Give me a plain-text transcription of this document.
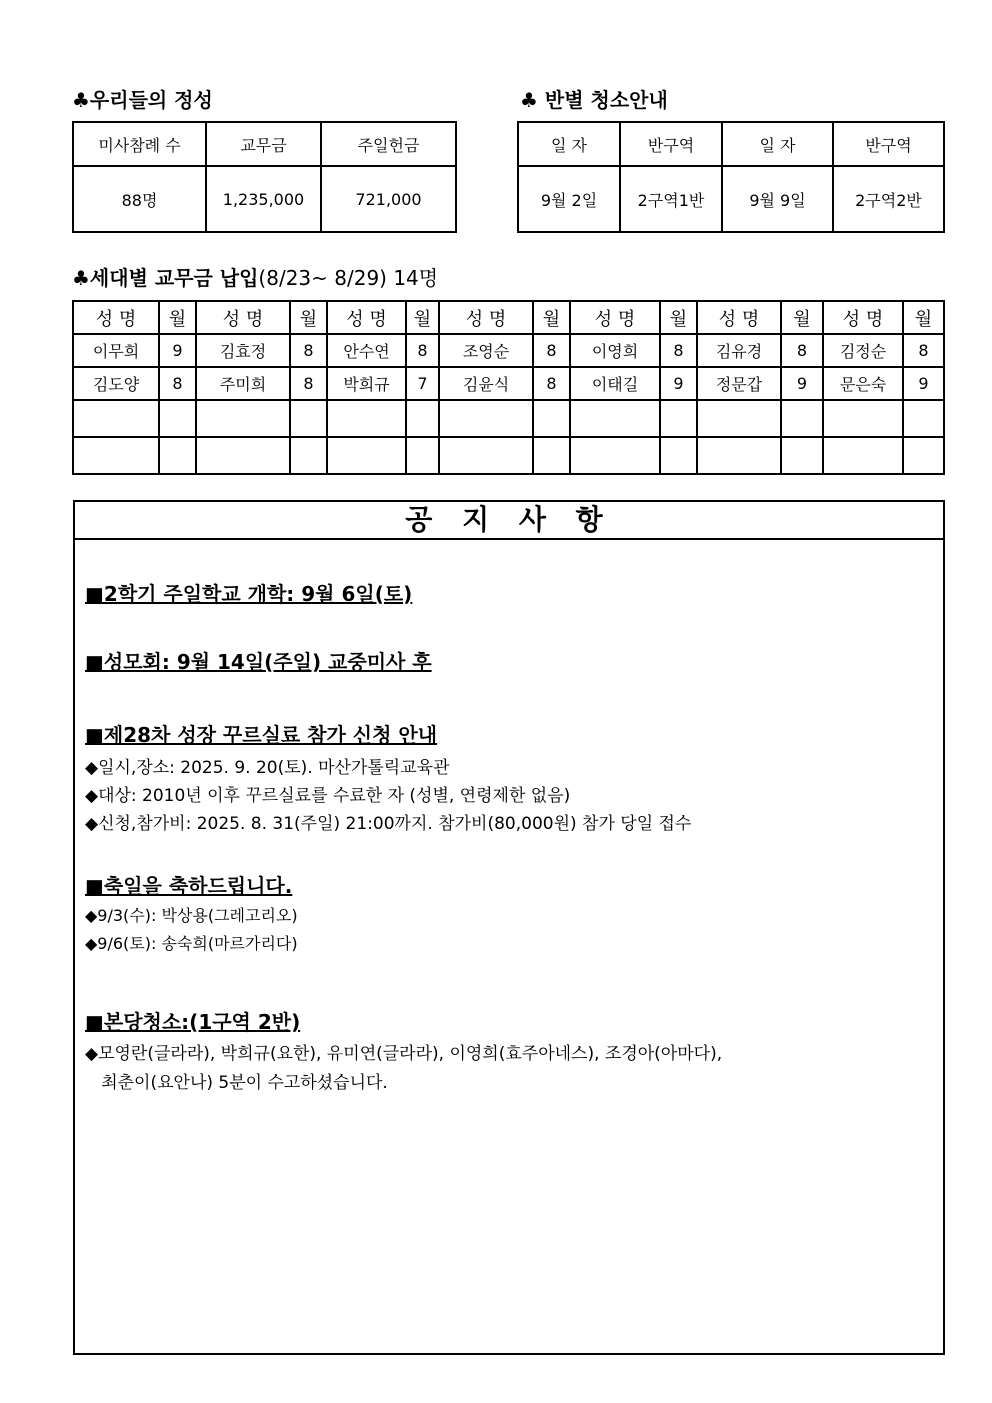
♣우리들의 정성
미사참례 수	교무금	주일헌금
88명	1,235,000	721,000
♣ 반별 청소안내
일 자	반구역	일 자	반구역
9월 2일	2구역1반	9월 9일	2구역2반
♣세대별 교무금 납입(8/23~ 8/29) 14명
성 명	월	성 명	월	성 명	월	성 명	월	성 명	월	성 명	월	성 명	월
이무희	9	김효정	8	안수연	8	조영순	8	이영희	8	김유경	8	김정순	8
김도양	8	주미희	8	박희규	7	김윤식	8	이태길	9	정문갑	9	문은숙	9

공 지 사 항
■2학기 주일학교 개학: 9월 6일(토)
■성모회: 9월 14일(주일) 교중미사 후
■제28차 성장 꾸르실료 참가 신청 안내
◆일시,장소: 2025. 9. 20(토). 마산가톨릭교육관
◆대상: 2010년 이후 꾸르실료를 수료한 자 (성별, 연령제한 없음)
◆신청,참가비: 2025. 8. 31(주일) 21:00까지. 참가비(80,000원) 참가 당일 접수
■축일을 축하드립니다.
◆9/3(수): 박상용(그레고리오)
◆9/6(토): 송숙희(마르가리다)
■본당청소:(1구역 2반)
◆모영란(글라라), 박희규(요한), 유미연(글라라), 이영희(효주아네스), 조경아(아마다),
최춘이(요안나) 5분이 수고하셨습니다.
